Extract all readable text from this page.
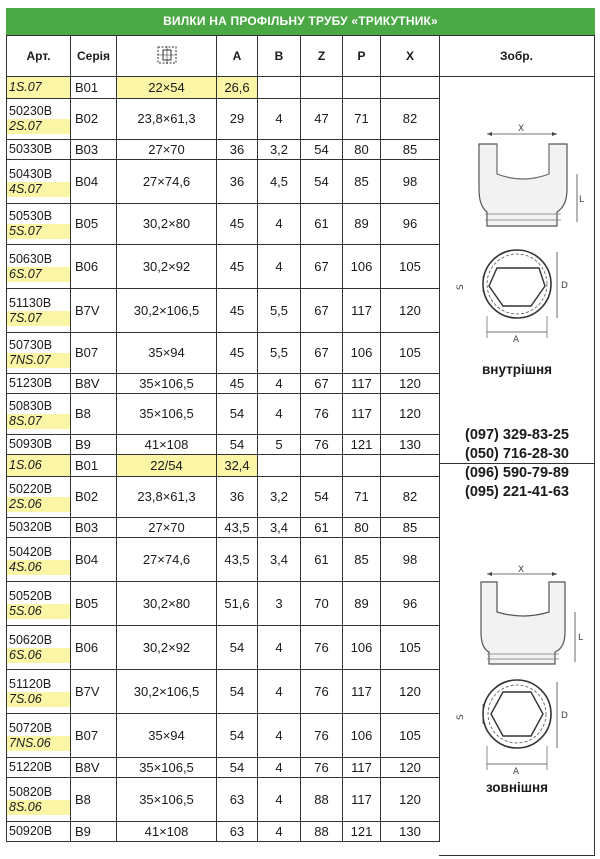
ВИЛКИ НА ПРОФІЛЬНУ ТРУБУ «ТРИКУТНИК»
Арт.	Серія		A	B	Z	P	X

1S.07	B01	22×54	26,6				

50230B
2S.07	B02	23,8×61,3	29	4	47	71	82

50330B	B03	27×70	36	3,2	54	80	85

50430B
4S.07	B04	27×74,6	36	4,5	54	85	98

50530B
5S.07	B05	30,2×80	45	4	61	89	96

50630B
6S.07	B06	30,2×92	45	4	67	106	105

51130B
7S.07	B7V	30,2×106,5	45	5,5	67	117	120

50730B
7NS.07	B07	35×94	45	5,5	67	106	105

51230B	B8V	35×106,5	45	4	67	117	120

50830B
8S.07	B8	35×106,5	54	4	76	117	120

50930B	B9	41×108	54	5	76	121	130

1S.06	B01	22/54	32,4				

50220B
2S.06	B02	23,8×61,3	36	3,2	54	71	82

50320B	B03	27×70	43,5	3,4	61	80	85

50420B
4S.06	B04	27×74,6	43,5	3,4	61	85	98

50520B
5S.06	B05	30,2×80	51,6	3	70	89	96

50620B
6S.06	B06	30,2×92	54	4	76	106	105

51120B
7S.06	B7V	30,2×106,5	54	4	76	117	120

50720B
7NS.06	B07	35×94	54	4	76	106	105

51220B	B8V	35×106,5	54	4	76	117	120

50820B
8S.06	B8	35×106,5	63	4	88	117	120

50920B	B9	41×108	63	4	88	121	130
Зобр.
X
L
S	D
A
внутрішня
(097) 329-83-25
(050) 716-28-30
(096) 590-79-89
(095) 221-41-63
X
L
S	D
A
зовнішня
